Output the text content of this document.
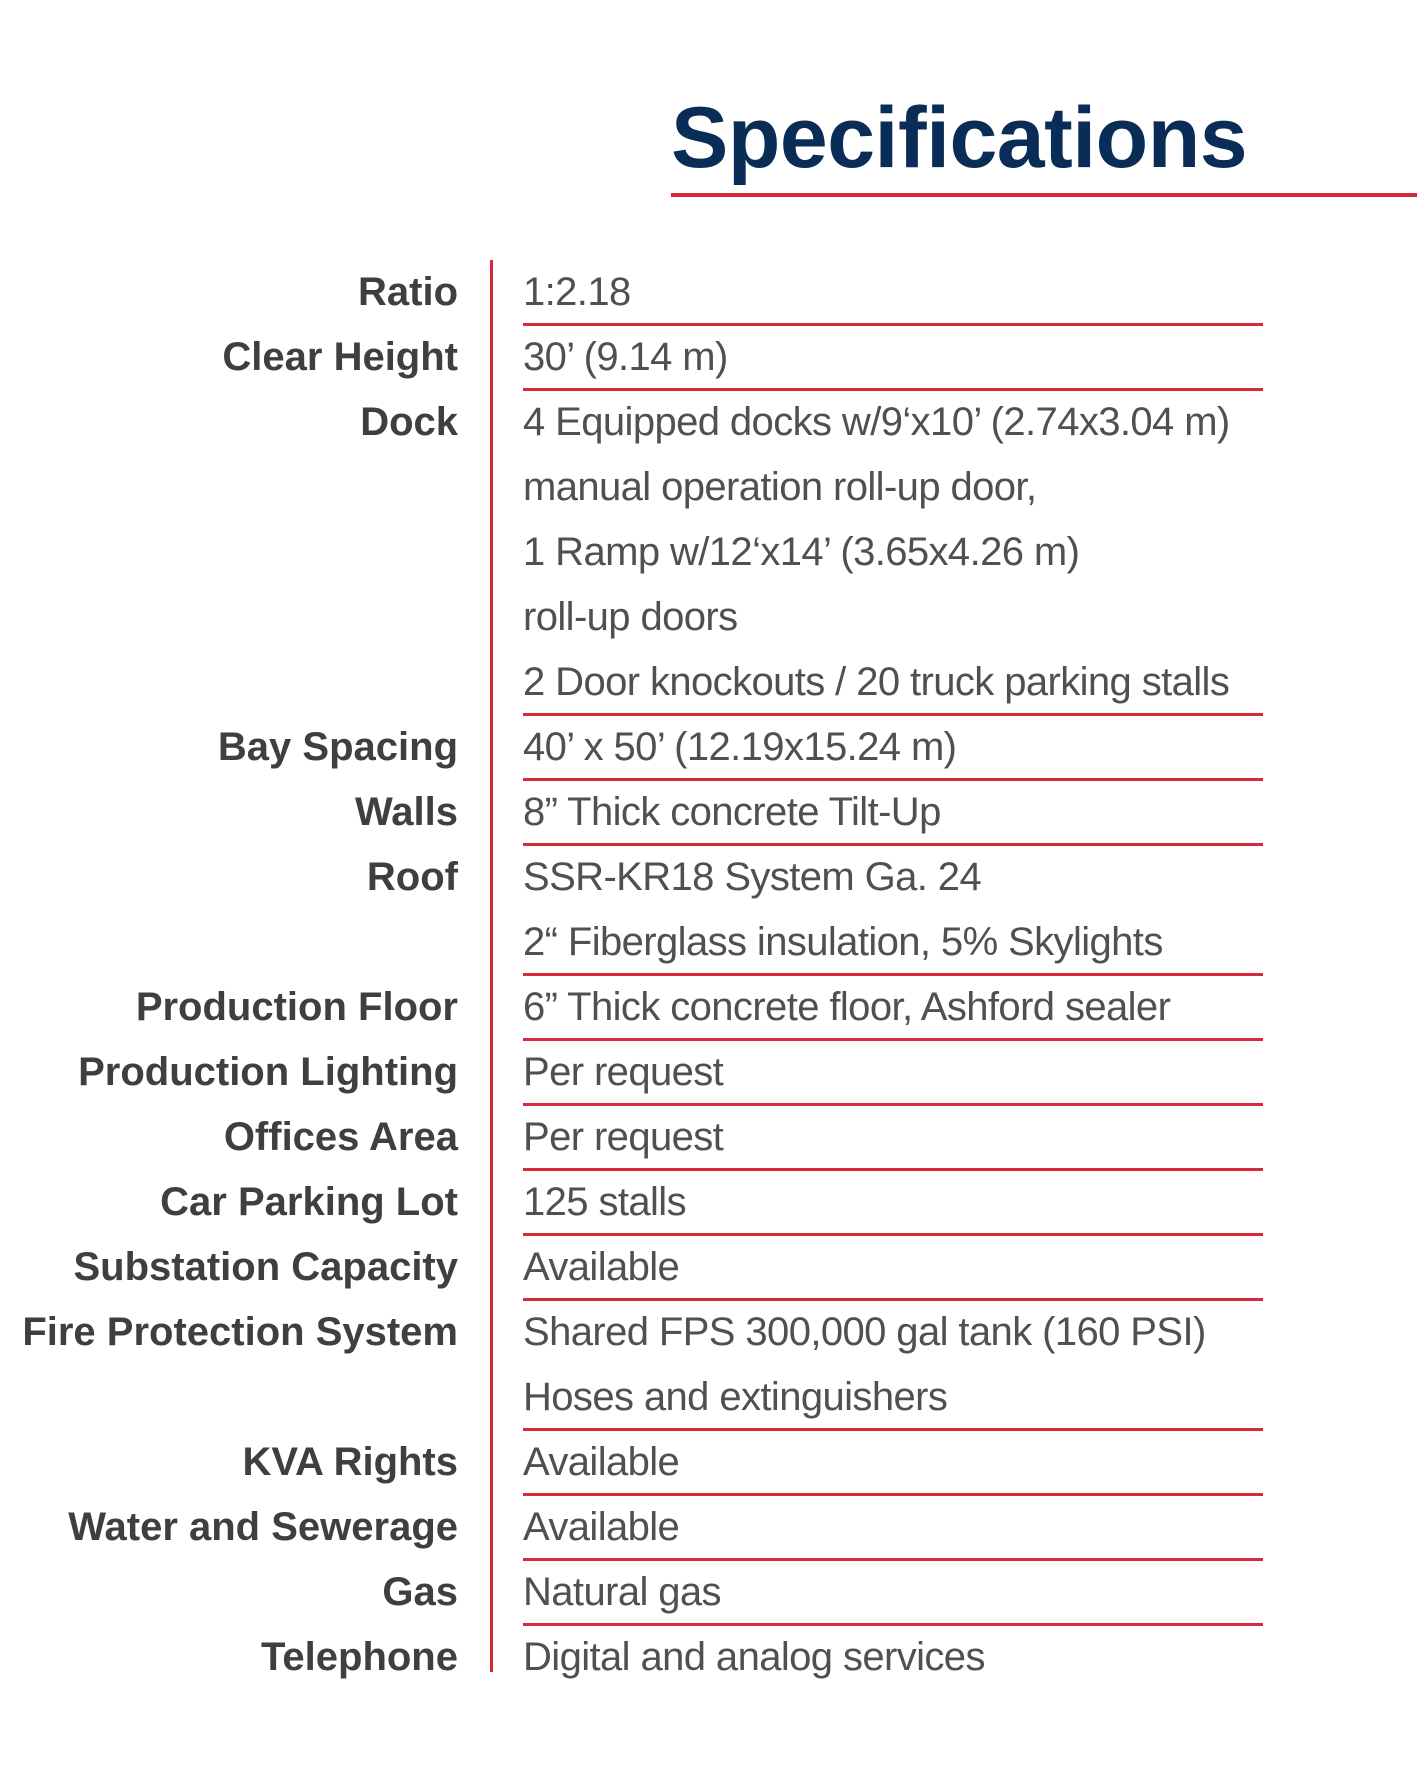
Specifications
Ratio 1:2.18
Clear Height 30’ (9.14 m)
Dock 4 Equipped docks w/9‘x10’ (2.74x3.04 m)
manual operation roll-up door,
1 Ramp w/12‘x14’ (3.65x4.26 m)
roll-up doors
2 Door knockouts / 20 truck parking stalls
Bay Spacing 40’ x 50’ (12.19x15.24 m)
Walls 8” Thick concrete Tilt-Up
Roof SSR-KR18 System Ga. 24
2“ Fiberglass insulation, 5% Skylights
Production Floor 6” Thick concrete floor, Ashford sealer
Production Lighting Per request
Offices Area Per request
Car Parking Lot 125 stalls
Substation Capacity Available
Fire Protection System Shared FPS 300,000 gal tank (160 PSI)
Hoses and extinguishers
KVA Rights Available
Water and Sewerage Available
Gas Natural gas
Telephone Digital and analog services
